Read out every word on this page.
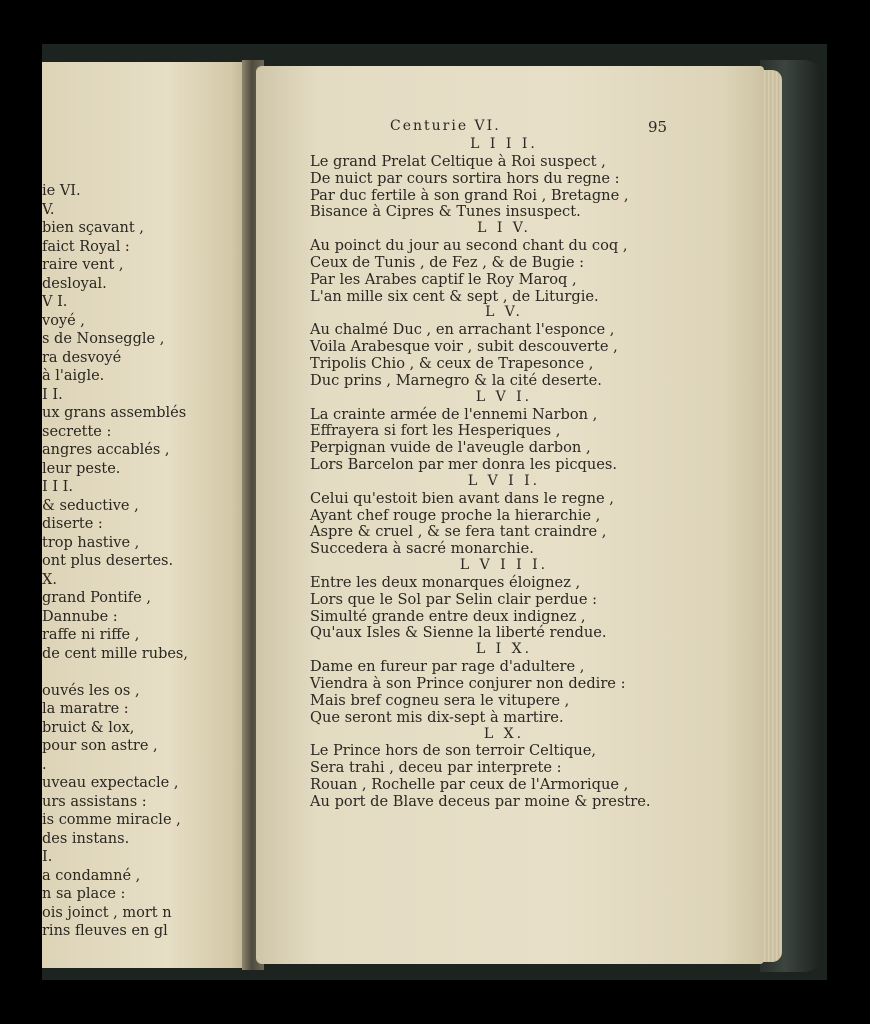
ie VI.
V.
bien sçavant ,
faict Royal :
raire vent ,
desloyal.
V I.
voyé ,
s de Nonseggle ,
ra desvoyé
à l'aigle.
I I.
ux grans assemblés
secrette :
angres accablés ,
leur peste.
I I I.
& seductive ,
diserte :
trop hastive ,
ont plus desertes.
X.
grand Pontife ,
Dannube :
raffe ni riffe ,
de cent mille rubes,
ouvés les os ,
la maratre :
bruict & lox,
pour son astre ,
.
uveau expectacle ,
urs assistans :
is comme miracle ,
des instans.
I.
a condamné ,
n sa place :
ois joinct , mort n
rins fleuves en gl
Centurie VI.	95
L I I I.
Le grand Prelat Celtique à Roi suspect ,
De nuict par cours sortira hors du regne :
Par duc fertile à son grand Roi , Bretagne ,
Bisance à Cipres & Tunes insuspect.
L I V.
Au poinct du jour au second chant du coq ,
Ceux de Tunis , de Fez , & de Bugie :
Par les Arabes captif le Roy Maroq ,
L'an mille six cent & sept , de Liturgie.
L V.
Au chalmé Duc , en arrachant l'esponce ,
Voila Arabesque voir , subit descouverte ,
Tripolis Chio , & ceux de Trapesonce ,
Duc prins , Marnegro & la cité deserte.
L V I.
La crainte armée de l'ennemi Narbon ,
Effrayera si fort les Hesperiques ,
Perpignan vuide de l'aveugle darbon ,
Lors Barcelon par mer donra les picques.
L V I I.
Celui qu'estoit bien avant dans le regne ,
Ayant chef rouge proche la hierarchie ,
Aspre & cruel , & se fera tant craindre ,
Succedera à sacré monarchie.
L V I I I.
Entre les deux monarques éloignez ,
Lors que le Sol par Selin clair perdue :
Simulté grande entre deux indignez ,
Qu'aux Isles & Sienne la liberté rendue.
L I X.
Dame en fureur par rage d'adultere ,
Viendra à son Prince conjurer non dedire :
Mais bref cogneu sera le vitupere ,
Que seront mis dix-sept à martire.
L X.
Le Prince hors de son terroir Celtique,
Sera trahi , deceu par interprete :
Rouan , Rochelle par ceux de l'Armorique ,
Au port de Blave deceus par moine & prestre.
